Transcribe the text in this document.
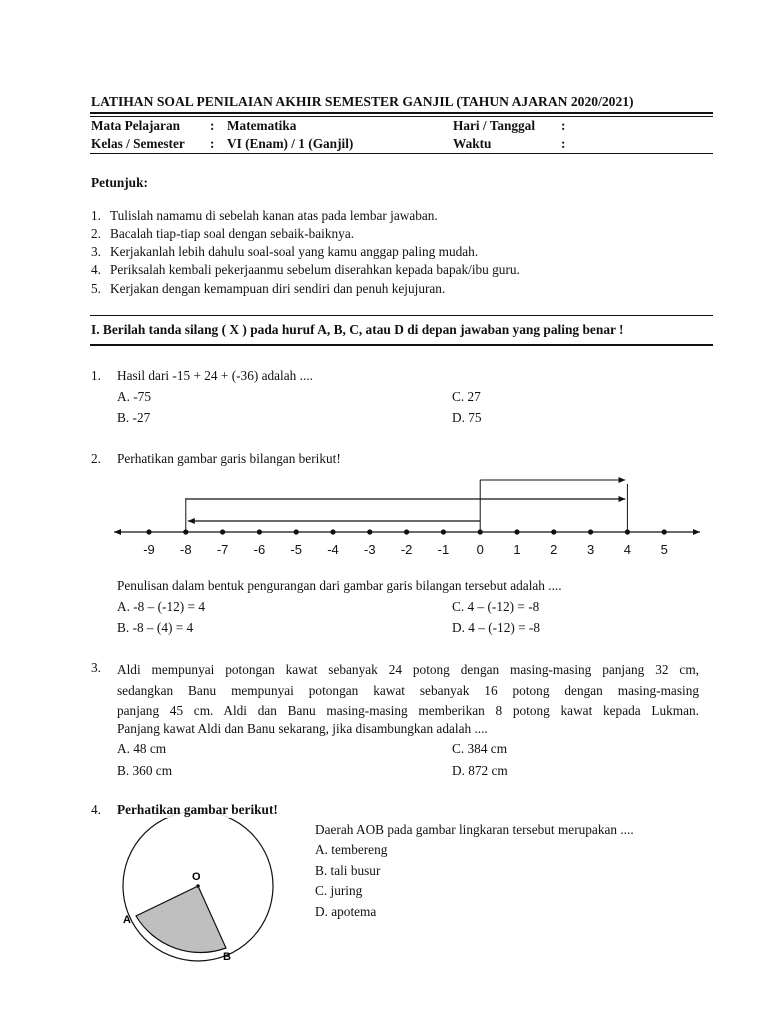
LATIHAN SOAL PENILAIAN AKHIR SEMESTER GANJIL (TAHUN AJARAN 2020/2021)
Mata Pelajaran : Matematika	Hari / Tanggal :
Kelas / Semester : VI (Enam) / 1 (Ganjil)	Waktu	:
Petunjuk:
1. Tulislah namamu di sebelah kanan atas pada lembar jawaban.
2. Bacalah tiap-tiap soal dengan sebaik-baiknya.
3. Kerjakanlah lebih dahulu soal-soal yang kamu anggap paling mudah.
4. Periksalah kembali pekerjaanmu sebelum diserahkan kepada bapak/ibu guru.
5. Kerjakan dengan kemampuan diri sendiri dan penuh kejujuran.
I. Berilah tanda silang ( X ) pada huruf A, B, C, atau D di depan jawaban yang paling benar !
1. Hasil dari -15 + 24 + (-36) adalah ....
A. -75	C. 27
B. -27	D. 75
2. Perhatikan gambar garis bilangan berikut!
-9 -8 -7 -6 -5 -4 -3 -2 -1 0 1 2 3 4 5
Penulisan dalam bentuk pengurangan dari gambar garis bilangan tersebut adalah ....
A. -8 – (-12) = 4	C. 4 – (-12) = -8
B. -8 – (4) = 4	D. 4 – (-12) = -8
3. Aldi mempunyai potongan kawat sebanyak 24 potong dengan masing-masing panjang 32 cm,
sedangkan Banu mempunyai potongan kawat sebanyak 16 potong dengan masing-masing
panjang 45 cm. Aldi dan Banu masing-masing memberikan 8 potong kawat kepada Lukman.
Panjang kawat Aldi dan Banu sekarang, jika disambungkan adalah ....
A. 48 cm	C. 384 cm
B. 360 cm	D. 872 cm
4.
O
A
B
Perhatikan gambar berikut!
Daerah AOB pada gambar lingkaran tersebut merupakan ....
A. tembereng
B. tali busur
C. juring
D. apotema
